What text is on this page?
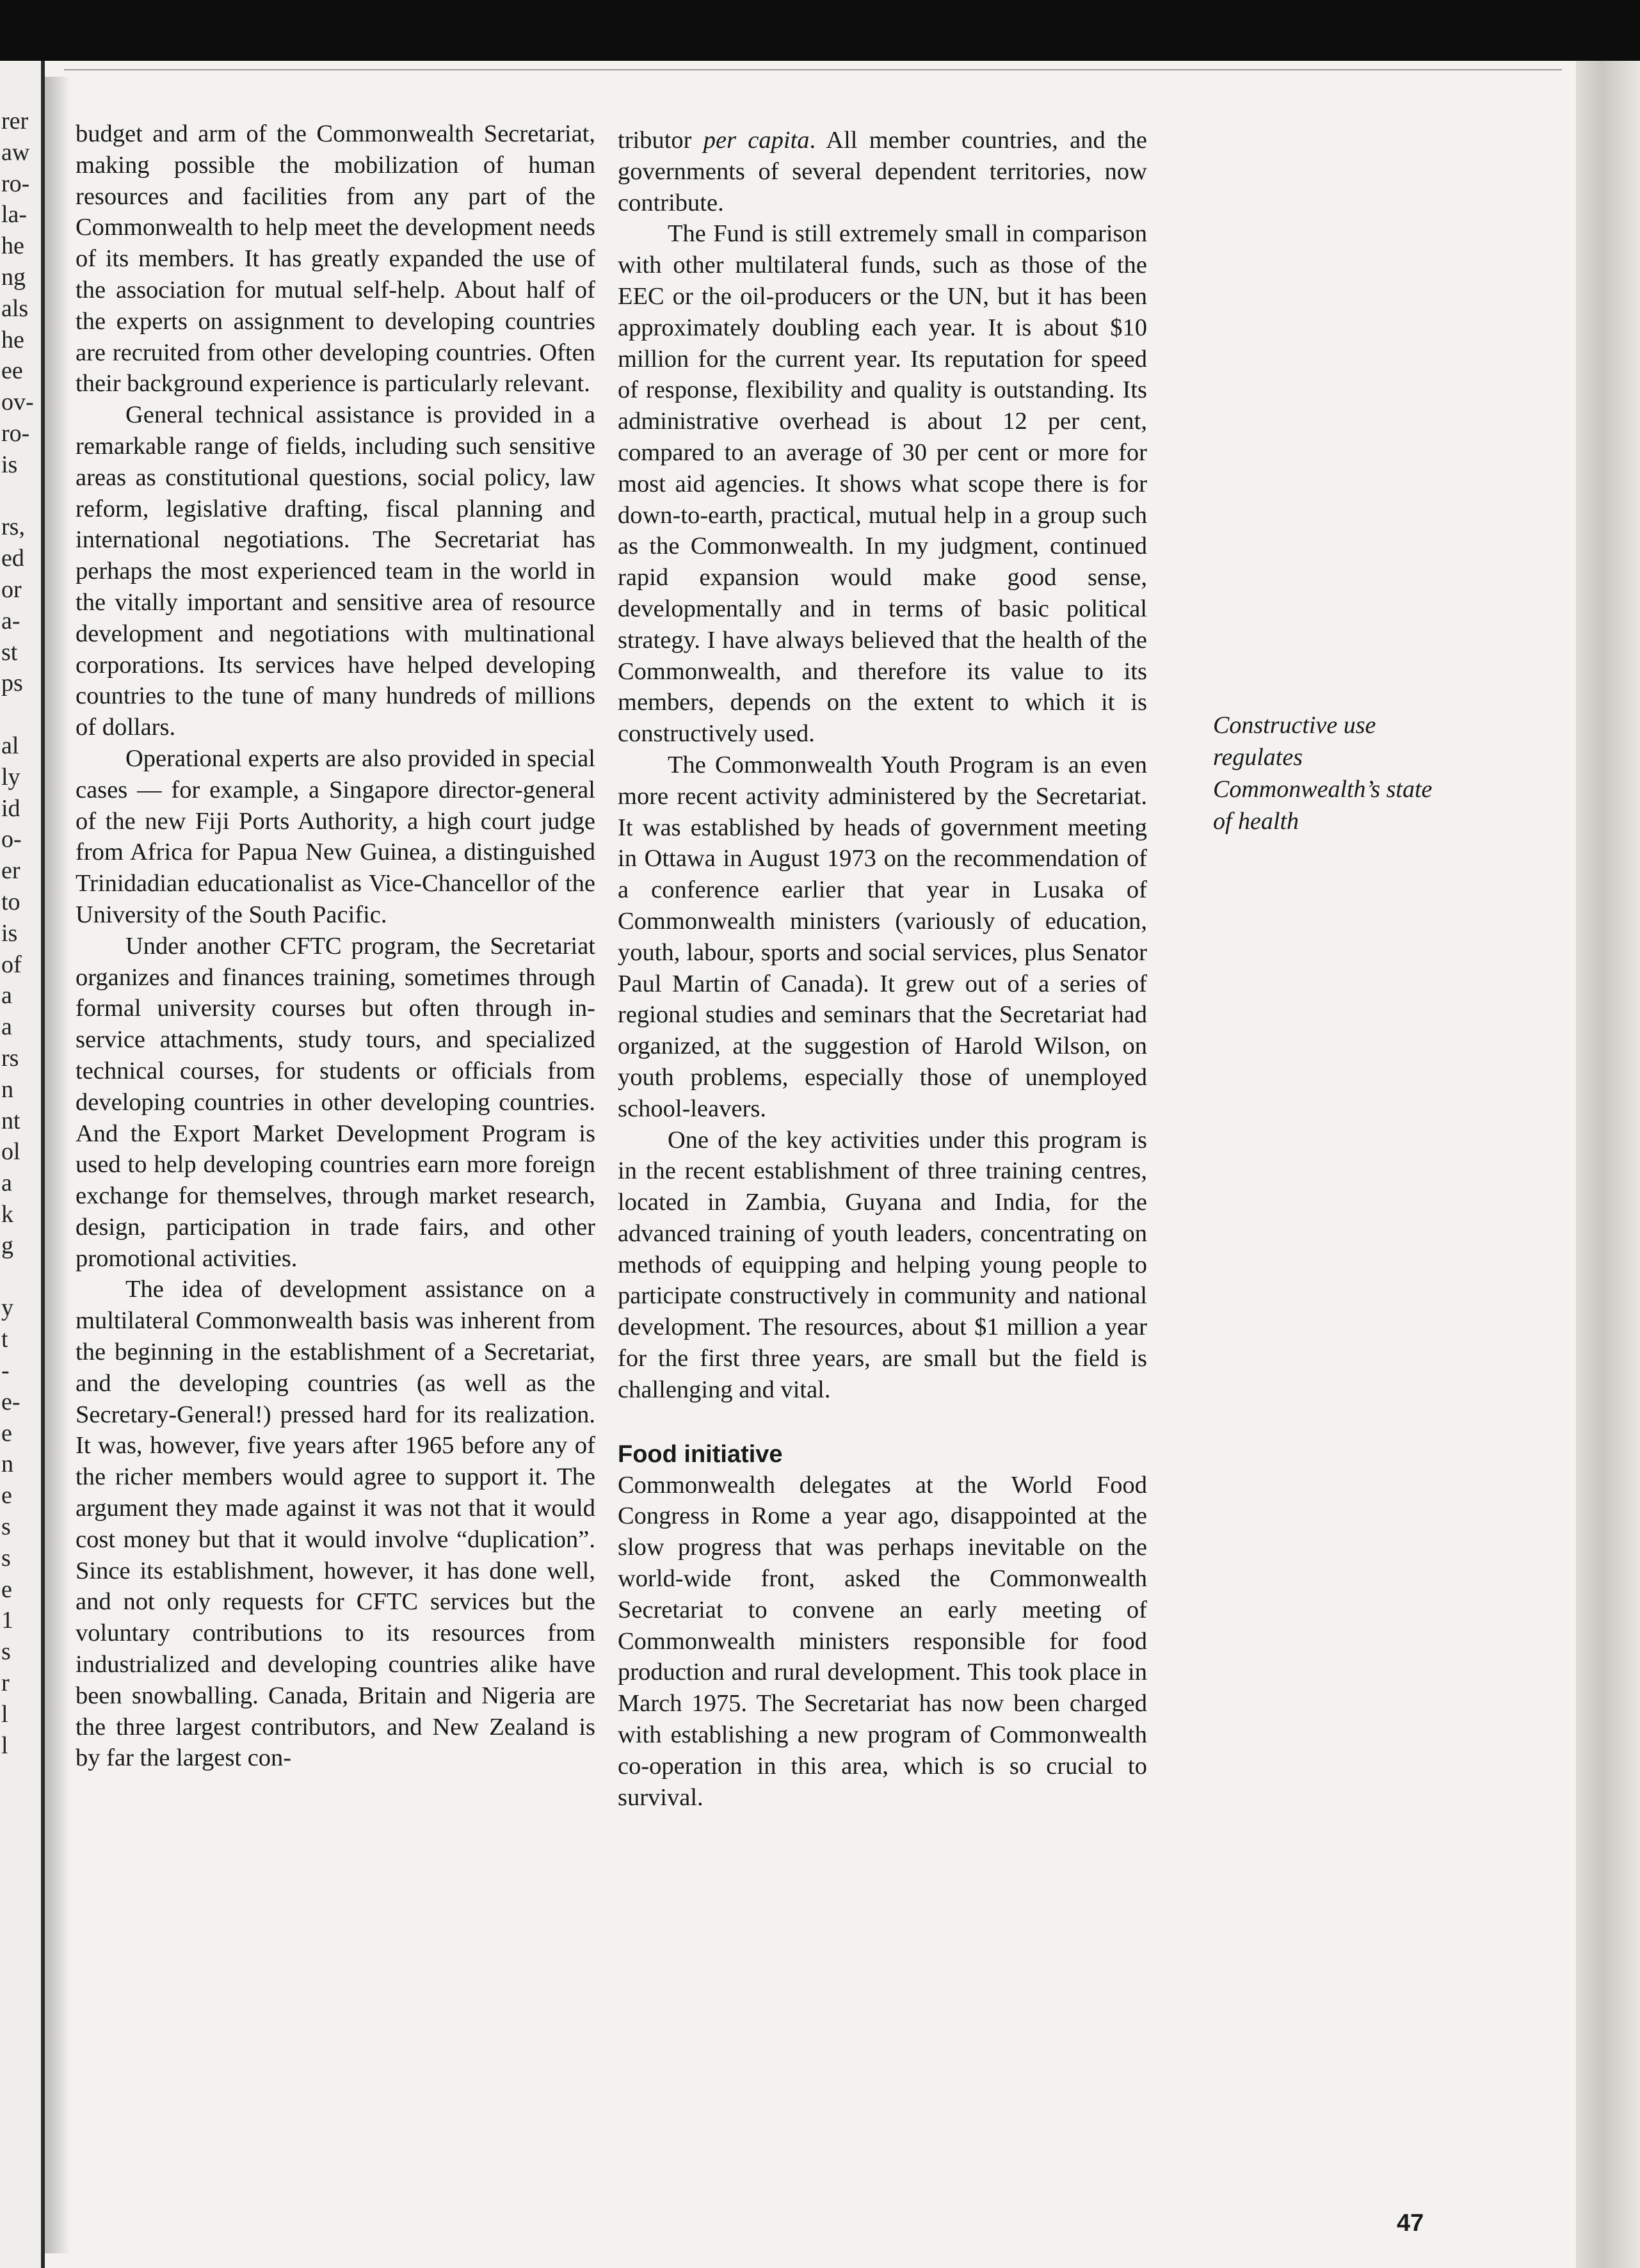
rer
aw
ro-
la-
he
ng
als
he
ee
ov-
ro-
is
rs,
ed
or
a-
st
ps
al
ly
id
o-
er
to
is
of
a
a
rs
n
nt
ol
a
k
g
y
t
-
e-
e
n
e
s
s
e
1
s
r
l
l

budget and arm of the Commonwealth Secretariat, making possible the mobilization of human resources and facilities from any part of the Commonwealth to help meet the development needs of its members. It has greatly expanded the use of the association for mutual self-help. About half of the experts on assignment to developing countries are recruited from other developing countries. Often their background experience is particularly relevant.

General technical assistance is provided in a remarkable range of fields, including such sensitive areas as constitutional questions, social policy, law reform, legislative drafting, fiscal planning and international negotiations. The Secretariat has perhaps the most experienced team in the world in the vitally important and sensitive area of resource development and negotiations with multinational corporations. Its services have helped developing countries to the tune of many hundreds of millions of dollars.

Operational experts are also provided in special cases — for example, a Singapore director-general of the new Fiji Ports Authority, a high court judge from Africa for Papua New Guinea, a distinguished Trinidadian educationalist as Vice-Chancellor of the University of the South Pacific.

Under another CFTC program, the Secretariat organizes and finances training, sometimes through formal university courses but often through in-service attachments, study tours, and specialized technical courses, for students or officials from developing countries in other developing countries. And the Export Market Development Program is used to help developing countries earn more foreign exchange for themselves, through market research, design, participation in trade fairs, and other promotional activities.

The idea of development assistance on a multilateral Commonwealth basis was inherent from the beginning in the establishment of a Secretariat, and the developing countries (as well as the Secretary-General!) pressed hard for its realization. It was, however, five years after 1965 before any of the richer members would agree to support it. The argument they made against it was not that it would cost money but that it would involve “duplication”. Since its establishment, however, it has done well, and not only requests for CFTC services but the voluntary contributions to its resources from industrialized and developing countries alike have been snowballing. Canada, Britain and Nigeria are the three largest contributors, and New Zealand is by far the largest con-

tributor per capita. All member countries, and the governments of several dependent territories, now contribute.

The Fund is still extremely small in comparison with other multilateral funds, such as those of the EEC or the oil-producers or the UN, but it has been approximately doubling each year. It is about $10 million for the current year. Its reputation for speed of response, flexibility and quality is outstanding. Its administrative overhead is about 12 per cent, compared to an average of 30 per cent or more for most aid agencies. It shows what scope there is for down-to-earth, practical, mutual help in a group such as the Commonwealth. In my judgment, continued rapid expansion would make good sense, developmentally and in terms of basic political strategy. I have always believed that the health of the Commonwealth, and therefore its value to its members, depends on the extent to which it is constructively used.

The Commonwealth Youth Program is an even more recent activity administered by the Secretariat. It was established by heads of government meeting in Ottawa in August 1973 on the recommendation of a conference earlier that year in Lusaka of Commonwealth ministers (variously of education, youth, labour, sports and social services, plus Senator Paul Martin of Canada). It grew out of a series of regional studies and seminars that the Secretariat had organized, at the suggestion of Harold Wilson, on youth problems, especially those of unemployed school-leavers.

One of the key activities under this program is in the recent establishment of three training centres, located in Zambia, Guyana and India, for the advanced training of youth leaders, concentrating on methods of equipping and helping young people to participate constructively in community and national development. The resources, about $1 million a year for the first three years, are small but the field is challenging and vital.

Food initiative

Commonwealth delegates at the World Food Congress in Rome a year ago, disappointed at the slow progress that was perhaps inevitable on the world-wide front, asked the Commonwealth Secretariat to convene an early meeting of Commonwealth ministers responsible for food production and rural development. This took place in March 1975. The Secretariat has now been charged with establishing a new program of Commonwealth co-operation in this area, which is so crucial to survival.

Constructive use regulates Commonwealth’s state of health
47
